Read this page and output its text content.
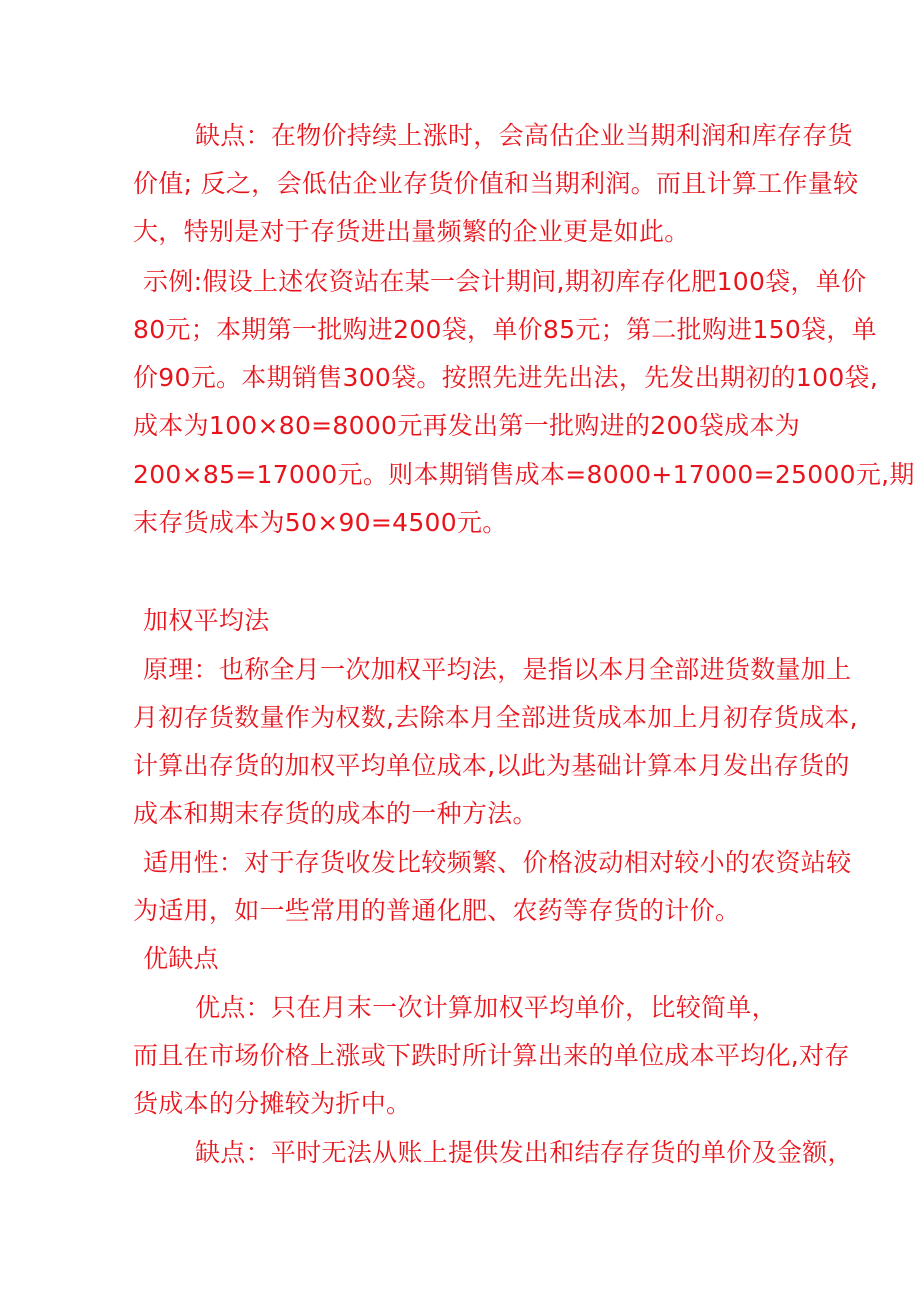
缺点：在物价持续上涨时，会高估企业当期利润和库存存货
价值; 反之，会低估企业存货价值和当期利润。而且计算工作量较
大，特别是对于存货进出量频繁的企业更是如此。
示例:假设上述农资站在某一会计期间,期初库存化肥100袋，单价
80元；本期第一批购进200袋，单价85元；第二批购进150袋，单
价90元。本期销售300袋。按照先进先出法，先发出期初的100袋,
成本为100×80=8000元再发出第一批购进的200袋成本为
200×85=17000元。则本期销售成本=8000+17000=25000元,期
末存货成本为50×90=4500元。
加权平均法
原理：也称全月一次加权平均法，是指以本月全部进货数量加上
月初存货数量作为权数,去除本月全部进货成本加上月初存货成本,
计算出存货的加权平均单位成本,以此为基础计算本月发出存货的
成本和期末存货的成本的一种方法。
适用性：对于存货收发比较频繁、价格波动相对较小的农资站较
为适用，如一些常用的普通化肥、农药等存货的计价。
优缺点
优点：只在月末一次计算加权平均单价，比较简单，
而且在市场价格上涨或下跌时所计算出来的单位成本平均化,对存
货成本的分摊较为折中。
缺点：平时无法从账上提供发出和结存存货的单价及金额，
